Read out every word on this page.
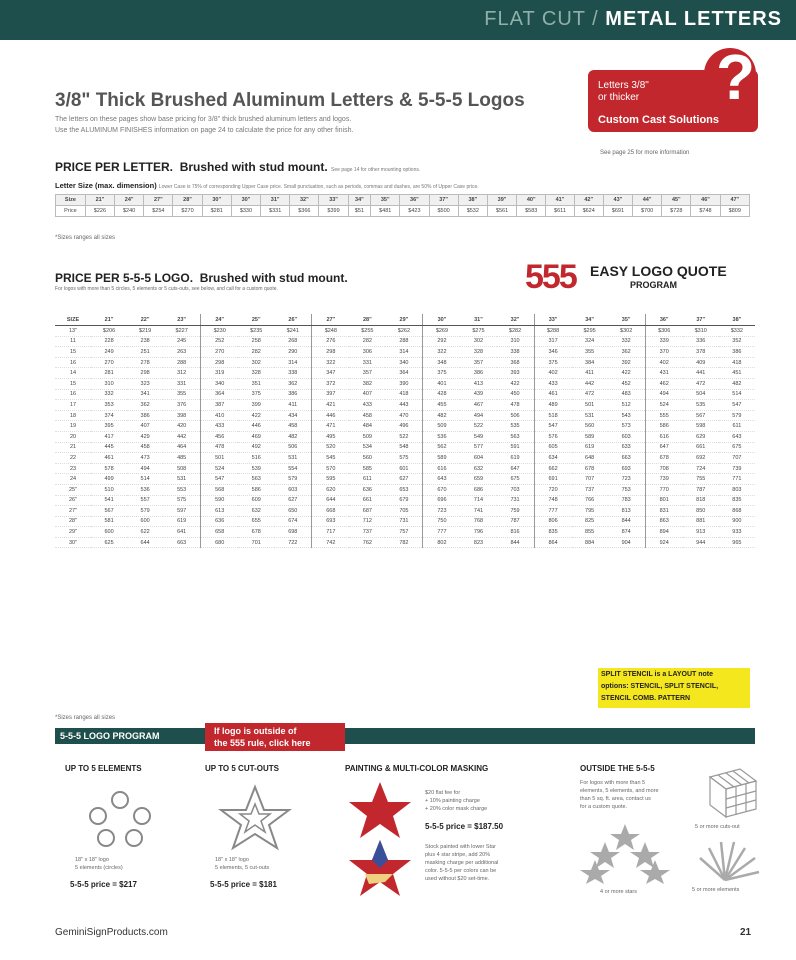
FLAT CUT / METAL LETTERS
3/8" Thick Brushed Aluminum Letters & 5-5-5 Logos
The letters on these pages show base pricing for 3/8" thick brushed aluminum letters and logos.
Use the ALUMINUM FINISHES information on page 24 to calculate the price for any other finish.
?
Letters 3/8"
or thicker
Custom Cast Solutions
See page 25 for more information
PRICE PER LETTER. Brushed with stud mount. See page 14 for other mounting options.
Letter Size (max. dimension) Lower Case is 75% of corresponding Upper Case price. Small punctuation, such as periods, commas and dashes, are 50% of Upper Case price.
Size	21"	24"	27"	28"	30"	30"	31"	32"	33"	34"	35"	36"	37"	38"	39"	40"	41"	42"	43"	44"	45"	46"	47"
Price	$226	$240	$254	$270	$281	$330	$331	$366	$399	$51	$481	$423	$500	$532	$561	$583	$611	$624	$691	$700	$728	$748	$809
*Sizes ranges all sizes
PRICE PER 5-5-5 LOGO. Brushed with stud mount.
For logos with more than 5 circles, 5 elements or 5 cuts-outs, see below, and call for a custom quote.	555 EASY LOGO QUOTE
PROGRAM
SIZE	21"	22"	23"	24"	25"	26"	27"	28"	29"	30"	31"	32"	33"	34"	35"	36"	37"	38"
13"	$206	$219	$227	$230	$235	$241	$248	$255	$262	$269	$275	$282	$288	$295	$302	$306	$310	$332
11	228	238	245	252	258	268	276	282	288	292	302	310	317	324	332	339	336	352
15	249	251	263	270	282	290	298	306	314	322	328	338	346	355	362	370	378	386
16	270	278	288	298	302	314	322	331	340	348	357	368	375	384	392	402	409	418
14	281	298	312	319	328	338	347	357	364	375	386	393	402	411	422	431	441	451
15	310	323	331	340	351	362	372	382	390	401	413	422	433	442	452	462	472	482
16	332	341	355	364	375	386	397	407	418	428	439	450	461	472	483	494	504	514
17	353	362	376	387	399	411	421	433	443	455	467	478	489	501	512	524	535	547
18	374	386	398	410	422	434	446	458	470	482	494	506	518	531	543	555	567	579
19	395	407	420	433	446	458	471	484	496	509	522	535	547	560	573	586	598	611
20	417	429	442	456	469	482	495	509	522	536	549	563	576	589	603	616	629	643
21	445	458	464	478	492	506	520	534	548	562	577	591	605	619	633	647	661	675
22	461	473	485	501	516	531	545	560	575	589	604	619	634	648	663	678	692	707
23	578	494	508	524	539	554	570	585	601	616	632	647	662	678	693	708	724	739
24	499	514	531	547	563	579	595	611	627	643	659	675	691	707	723	739	755	771
25"	510	536	553	568	586	603	620	636	653	670	686	703	720	737	753	770	787	803
26"	541	557	575	590	609	627	644	661	679	696	714	731	748	766	783	801	818	835
27"	567	579	597	613	632	650	668	687	705	723	741	759	777	795	813	831	850	868
28"	581	600	619	636	655	674	693	712	731	750	768	787	806	825	844	863	881	900
29"	600	622	641	658	678	698	717	737	757	777	796	816	835	855	874	894	913	933
30"	625	644	663	680	701	722	742	762	782	802	823	844	864	884	904	924	944	965
SPLIT STENCIL is a LAYOUT note
options: STENCIL, SPLIT STENCIL,
STENCIL COMB. PATTERN
*Sizes ranges all sizes
5-5-5 LOGO PROGRAM	If logo is outside of
the 555 rule, click here
UP TO 5 ELEMENTS
18" x 18" logo
5 elements (circles)
5-5-5 price = $217
UP TO 5 CUT-OUTS
18" x 18" logo
5 elements, 5 cut-outs
5-5-5 price = $181
PAINTING & MULTI-COLOR MASKING
$20 flat fee for
+ 10% painting charge
+ 20% color mask charge
5-5-5 price = $187.50
Stock painted with lower Star
plus 4 star stripe, add 20%
masking charge per additional
color. 5-5-5 per colors can be
used without $20 set-time.
OUTSIDE THE 5-5-5
For logos with more than 5
elements, 5 elements, and more
than 5 sq. ft. area, contact us
for a custom quote.
4 or more stars
5 or more cuts-out
5 or more elements
GeminiSignProducts.com	21
